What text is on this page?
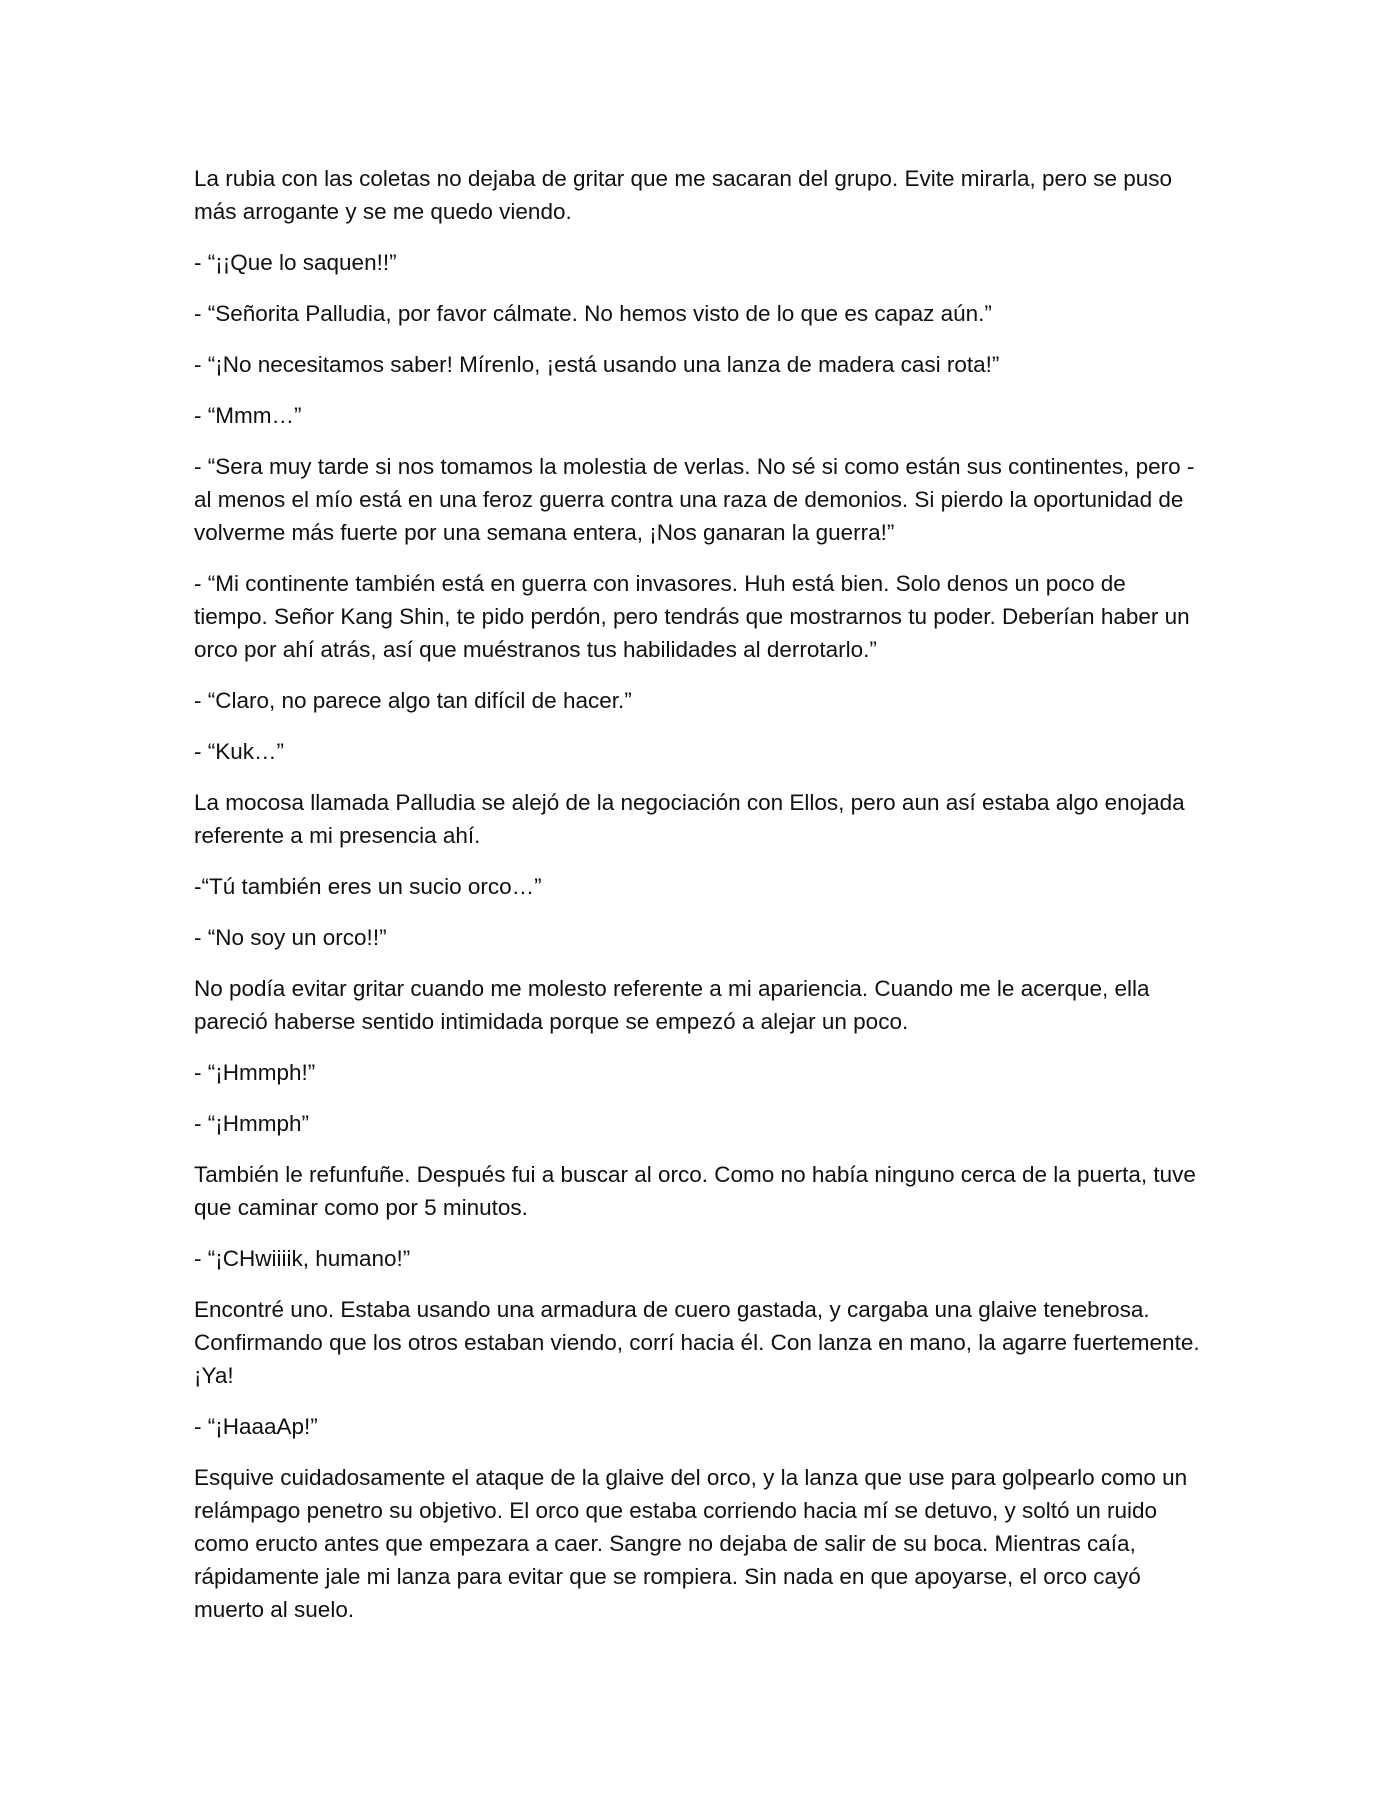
La rubia con las coletas no dejaba de gritar que me sacaran del grupo. Evite mirarla, pero se puso más arrogante y se me quedo viendo.

- “¡¡Que lo saquen!!”

- “Señorita Palludia, por favor cálmate. No hemos visto de lo que es capaz aún.”

- “¡No necesitamos saber! Mírenlo, ¡está usando una lanza de madera casi rota!”

- “Mmm…”

- “Sera muy tarde si nos tomamos la molestia de verlas. No sé si como están sus continentes, pero -al menos el mío está en una feroz guerra contra una raza de demonios. Si pierdo la oportunidad de volverme más fuerte por una semana entera, ¡Nos ganaran la guerra!”

- “Mi continente también está en guerra con invasores. Huh está bien. Solo denos un poco de tiempo. Señor Kang Shin, te pido perdón, pero tendrás que mostrarnos tu poder. Deberían haber un orco por ahí atrás, así que muéstranos tus habilidades al derrotarlo.”

- “Claro, no parece algo tan difícil de hacer.”

- “Kuk…”

La mocosa llamada Palludia se alejó de la negociación con Ellos, pero aun así estaba algo enojada referente a mi presencia ahí.

-“Tú también eres un sucio orco…”

- “No soy un orco!!”

No podía evitar gritar cuando me molesto referente a mi apariencia. Cuando me le acerque, ella pareció haberse sentido intimidada porque se empezó a alejar un poco.

- “¡Hmmph!”

- “¡Hmmph”

También le refunfuñe. Después fui a buscar al orco. Como no había ninguno cerca de la puerta, tuve que caminar como por 5 minutos.

- “¡CHwiiiik, humano!”

Encontré uno. Estaba usando una armadura de cuero gastada, y cargaba una glaive tenebrosa. Confirmando que los otros estaban viendo, corrí hacia él. Con lanza en mano, la agarre fuertemente. ¡Ya!

- “¡HaaaAp!”

Esquive cuidadosamente el ataque de la glaive del orco, y la lanza que use para golpearlo como un relámpago penetro su objetivo. El orco que estaba corriendo hacia mí se detuvo, y soltó un ruido como eructo antes que empezara a caer. Sangre no dejaba de salir de su boca. Mientras caía, rápidamente jale mi lanza para evitar que se rompiera. Sin nada en que apoyarse, el orco cayó muerto al suelo.
